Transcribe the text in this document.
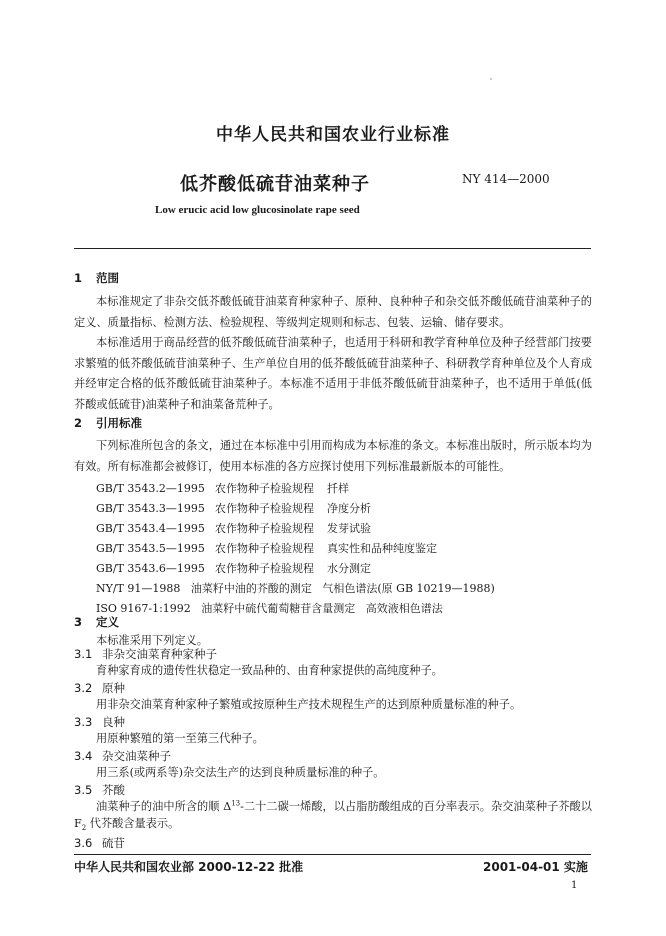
中华人民共和国农业行业标准
低芥酸低硫苷油菜种子	NY 414—2000
Low erucic acid low glucosinolate rape seed
1 范围
本标准规定了非杂交低芥酸低硫苷油菜育种家种子、原种、良种种子和杂交低芥酸低硫苷油菜种子的定义、质量指标、检测方法、检验规程、等级判定规则和标志、包装、运输、储存要求。
本标准适用于商品经营的低芥酸低硫苷油菜种子，也适用于科研和教学育种单位及种子经营部门按要求繁殖的低芥酸低硫苷油菜种子、生产单位自用的低芥酸低硫苷油菜种子、科研教学育种单位及个人育成并经审定合格的低芥酸低硫苷油菜种子。本标准不适用于非低芥酸低硫苷油菜种子，也不适用于单低(低芥酸或低硫苷)油菜种子和油菜备荒种子。
2 引用标准
下列标准所包含的条文，通过在本标准中引用而构成为本标准的条文。本标准出版时，所示版本均为有效。所有标准都会被修订，使用本标准的各方应探讨使用下列标准最新版本的可能性。
GB/T 3543.2—1995 农作物种子检验规程 扦样
GB/T 3543.3—1995 农作物种子检验规程 净度分析
GB/T 3543.4—1995 农作物种子检验规程 发芽试验
GB/T 3543.5—1995 农作物种子检验规程 真实性和品种纯度鉴定
GB/T 3543.6—1995 农作物种子检验规程 水分测定
NY/T 91—1988   油菜籽中油的芥酸的测定   气相色谱法(原 GB 10219—1988)
ISO 9167-1:1992   油菜籽中硫代葡萄糖苷含量测定   高效液相色谱法
3 定义
本标准采用下列定义。
3.1 非杂交油菜育种家种子
育种家育成的遗传性状稳定一致品种的、由育种家提供的高纯度种子。
3.2 原种
用非杂交油菜育种家种子繁殖或按原种生产技术规程生产的达到原种质量标准的种子。
3.3 良种
用原种繁殖的第一至第三代种子。
3.4 杂交油菜种子
用三系(或两系等)杂交法生产的达到良种质量标准的种子。
中华人民共和国农业部 2000-12-22 批准	2001-04-01 实施
1
3.5 芥酸
油菜种子的油中所含的顺 $\Delta^{13}-$二十二碳一烯酸，以占脂肪酸组成的百分率表示。杂交油菜种子芥酸以 $F_2$ 代芥酸含量表示。
3.6 硫苷
